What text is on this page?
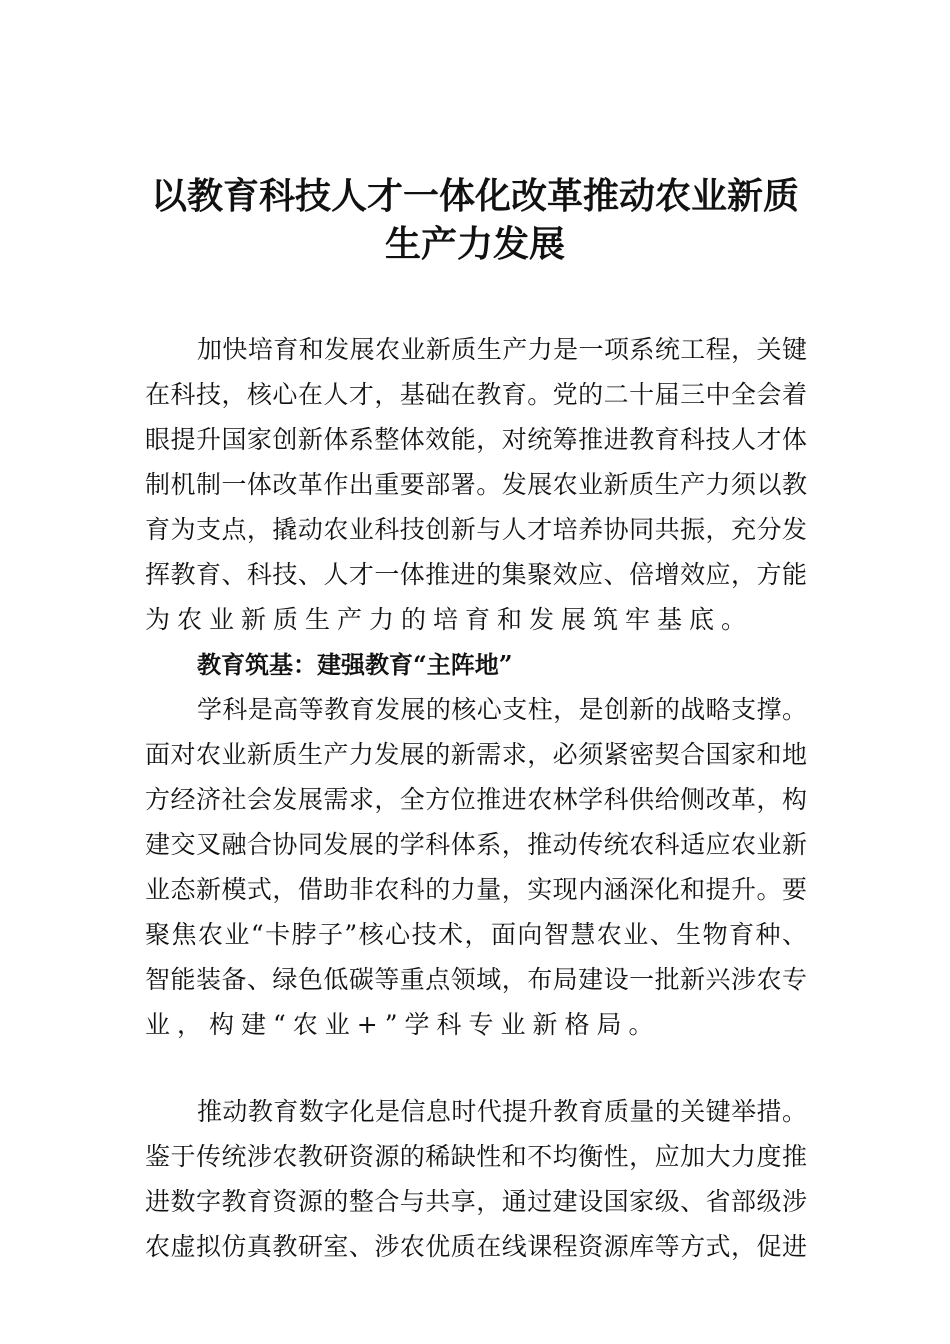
以教育科技人才一体化改革推动农业新质
生产力发展
加快培育和发展农业新质生产力是一项系统工程，关键
在科技，核心在人才，基础在教育。党的二十届三中全会着
眼提升国家创新体系整体效能，对统筹推进教育科技人才体
制机制一体改革作出重要部署。发展农业新质生产力须以教
育为支点，撬动农业科技创新与人才培养协同共振，充分发
挥教育、科技、人才一体推进的集聚效应、倍增效应，方能
为农业新质生产力的培育和发展筑牢基底。
教育筑基：建强教育“主阵地”
学科是高等教育发展的核心支柱，是创新的战略支撑。
面对农业新质生产力发展的新需求，必须紧密契合国家和地
方经济社会发展需求，全方位推进农林学科供给侧改革，构
建交叉融合协同发展的学科体系，推动传统农科适应农业新
业态新模式，借助非农科的力量，实现内涵深化和提升。要
聚焦农业“卡脖子”核心技术，面向智慧农业、生物育种、
智能装备、绿色低碳等重点领域，布局建设一批新兴涉农专
业，构建“农业+”学科专业新格局。
推动教育数字化是信息时代提升教育质量的关键举措。
鉴于传统涉农教研资源的稀缺性和不均衡性，应加大力度推
进数字教育资源的整合与共享，通过建设国家级、省部级涉
农虚拟仿真教研室、涉农优质在线课程资源库等方式，促进
